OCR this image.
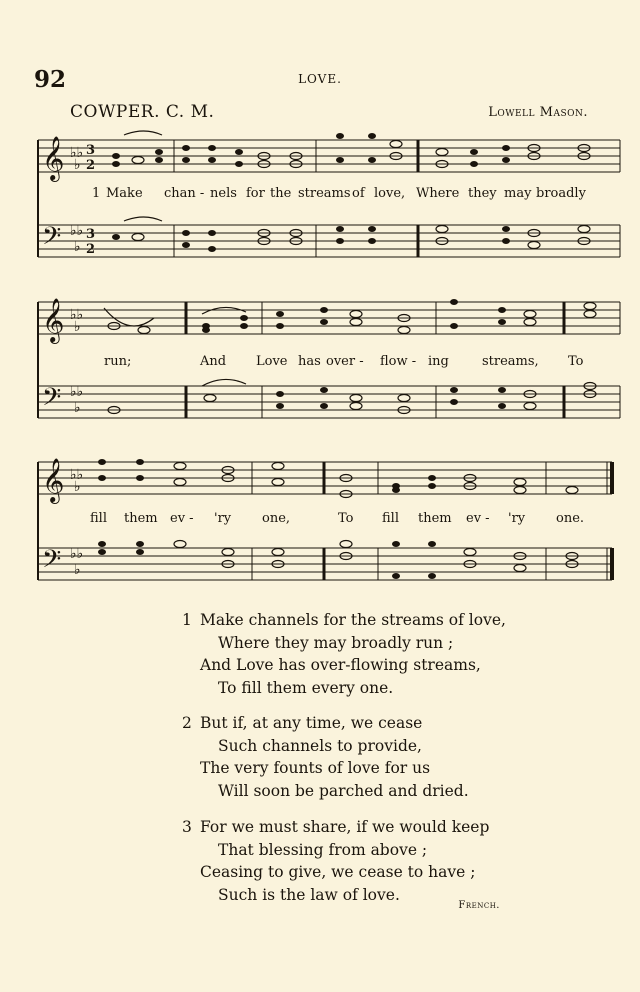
92	LOVE.
COWPER. C. M.	Lowell Mason.
𝄞
𝄢
♭♭
♭
♭♭
♭
3
2
3
2
1 Make chan - nels for the streams of love, Where they may broadly
𝄞
𝄢
♭♭
♭
♭♭
♭
run;	And Love has over - flow - ing	streams, To
𝄞
𝄢
♭♭
♭
♭♭
♭
fill them ev - 'ry one,	To fill them ev - 'ry one.
1 Make channels for the streams of love,
Where they may broadly run ;
And Love has over-flowing streams,
To fill them every one.
2 But if, at any time, we cease
Such channels to provide,
The very founts of love for us
Will soon be parched and dried.
3 For we must share, if we would keep
That blessing from above ;
Ceasing to give, we cease to have ;
Such is the law of love.
French.
